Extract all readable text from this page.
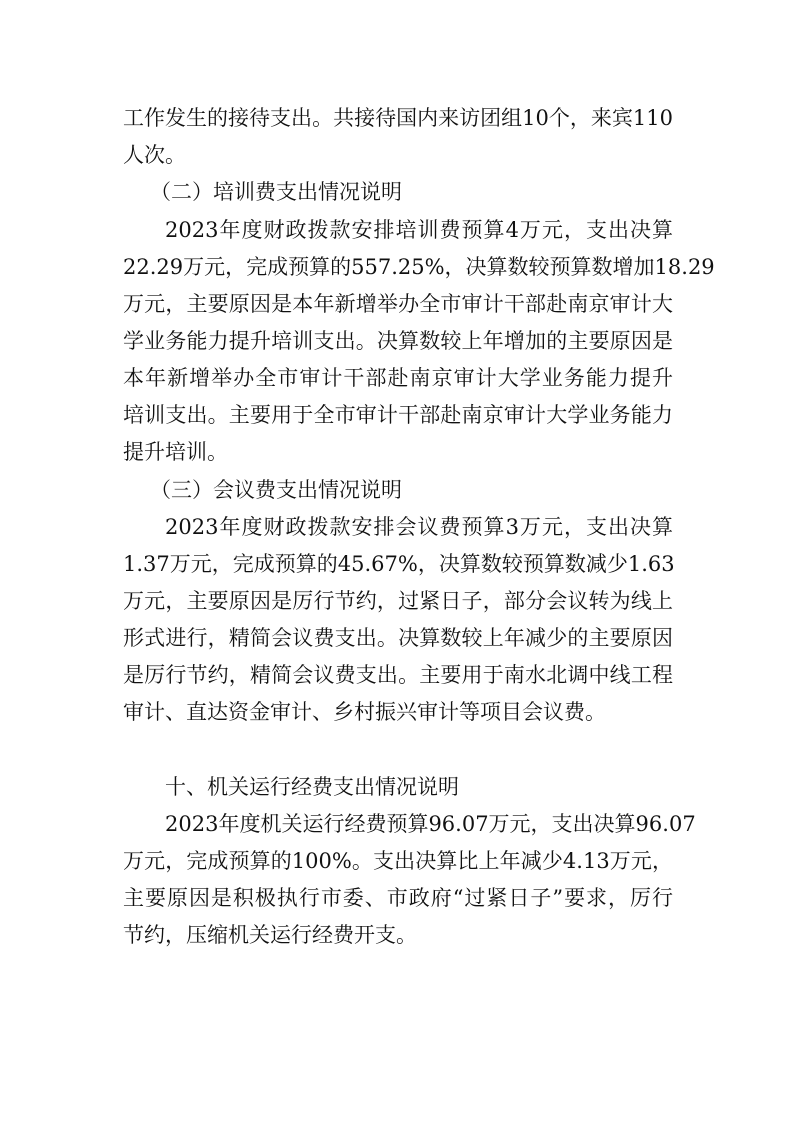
工作发生的接待支出。共接待国内来访团组10个，来宾110
人次。
（二）培训费支出情况说明
2023年度财政拨款安排培训费预算4万元，支出决算
22.29万元，完成预算的557.25%，决算数较预算数增加18.29
万元，主要原因是本年新增举办全市审计干部赴南京审计大
学业务能力提升培训支出。决算数较上年增加的主要原因是
本年新增举办全市审计干部赴南京审计大学业务能力提升
培训支出。主要用于全市审计干部赴南京审计大学业务能力
提升培训。
（三）会议费支出情况说明
2023年度财政拨款安排会议费预算3万元，支出决算
1.37万元，完成预算的45.67%，决算数较预算数减少1.63
万元，主要原因是厉行节约，过紧日子，部分会议转为线上
形式进行，精简会议费支出。决算数较上年减少的主要原因
是厉行节约，精简会议费支出。主要用于南水北调中线工程
审计、直达资金审计、乡村振兴审计等项目会议费。
十、机关运行经费支出情况说明
2023年度机关运行经费预算96.07万元，支出决算96.07
万元，完成预算的100%。支出决算比上年减少4.13万元，
主要原因是积极执行市委、市政府“过紧日子”要求，厉行
节约，压缩机关运行经费开支。
